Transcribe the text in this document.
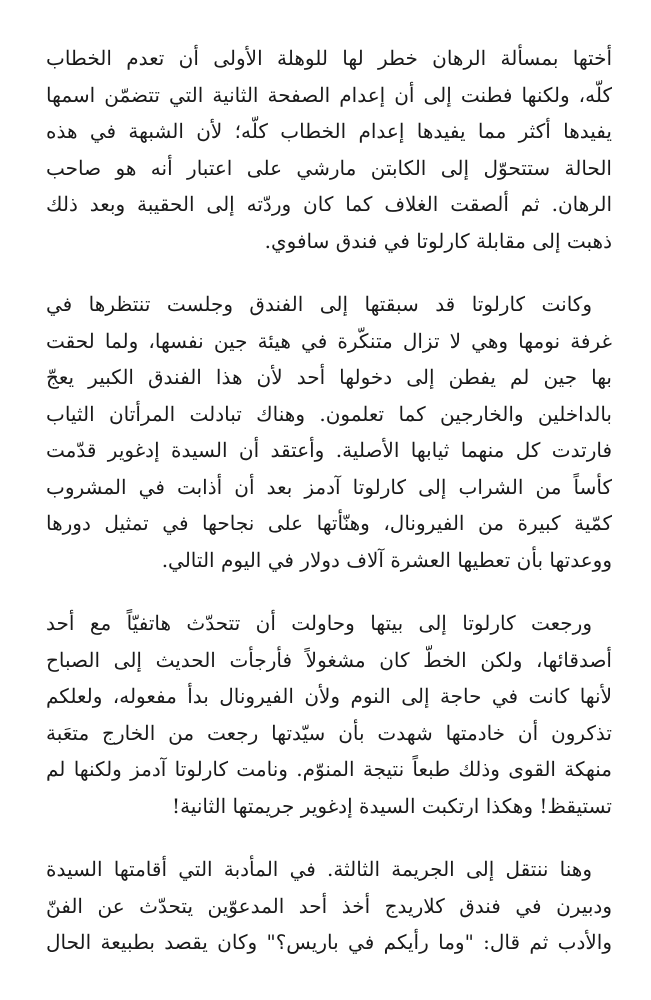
أختها بمسألة الرهان خطر لها للوهلة الأولى أن تعدم الخطاب
كلّه، ولكنها فطنت إلى أن إعدام الصفحة الثانية التي تتضمّن اسمها
يفيدها أكثر مما يفيدها إعدام الخطاب كلّه؛ لأن الشبهة في هذه
الحالة ستتحوّل إلى الكابتن مارشي على اعتبار أنه هو صاحب
الرهان. ثم ألصقت الغلاف كما كان وردّته إلى الحقيبة وبعد ذلك
ذهبت إلى مقابلة كارلوتا في فندق سافوي.
وكانت كارلوتا قد سبقتها إلى الفندق وجلست تنتظرها في
غرفة نومها وهي لا تزال متنكّرة في هيئة جين نفسها، ولما لحقت
بها جين لم يفطن إلى دخولها أحد لأن هذا الفندق الكبير يعجّ
بالداخلين والخارجين كما تعلمون. وهناك تبادلت المرأتان الثياب
فارتدت كل منهما ثيابها الأصلية. وأعتقد أن السيدة إدغوير قدّمت
كأساً من الشراب إلى كارلوتا آدمز بعد أن أذابت في المشروب
كمّية كبيرة من الفيرونال، وهنّأتها على نجاحها في تمثيل دورها
ووعدتها بأن تعطيها العشرة آلاف دولار في اليوم التالي.
ورجعت كارلوتا إلى بيتها وحاولت أن تتحدّث هاتفيّاً مع أحد
أصدقائها، ولكن الخطّ كان مشغولاً فأرجأت الحديث إلى الصباح
لأنها كانت في حاجة إلى النوم ولأن الفيرونال بدأ مفعوله، ولعلكم
تذكرون أن خادمتها شهدت بأن سيّدتها رجعت من الخارج متعَبة
منهكة القوى وذلك طبعاً نتيجة المنوّم. ونامت كارلوتا آدمز ولكنها لم
تستيقظ! وهكذا ارتكبت السيدة إدغوير جريمتها الثانية!
وهنا ننتقل إلى الجريمة الثالثة. في المأدبة التي أقامتها السيدة
ودبيرن في فندق كلاريدج أخذ أحد المدعوّين يتحدّث عن الفنّ
والأدب ثم قال: "وما رأيكم في باريس؟" وكان يقصد بطبيعة الحال
